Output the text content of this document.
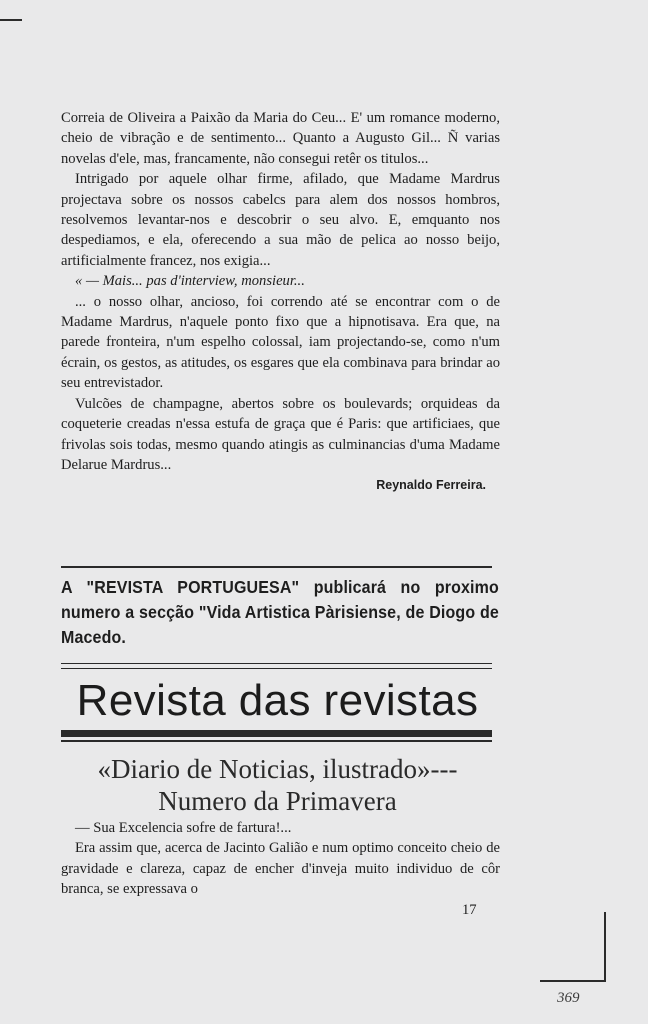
Correia de Oliveira a Paixão da Maria do Ceu... E' um romance moderno, cheio de vibração e de sentimento... Quanto a Augusto Gil... Ñ varias novelas d'ele, mas, francamente, não consegui retêr os titulos...

Intrigado por aquele olhar firme, afilado, que Madame Mardrus projectava sobre os nossos cabelcs para alem dos nossos hombros, resolvemos levantar-nos e descobrir o seu alvo. E, emquanto nos despediamos, e ela, oferecendo a sua mão de pelica ao nosso beijo, artificialmente francez, nos exigia...

« — Mais... pas d'interview, monsieur...

... o nosso olhar, ancioso, foi correndo até se encontrar com o de Madame Mardrus, n'aquele ponto fixo que a hipnotisava. Era que, na parede fronteira, n'um espelho colossal, iam projectando-se, como n'um écrain, os gestos, as atitudes, os esgares que ela combinava para brindar ao seu entrevistador.

Vulcões de champagne, abertos sobre os boulevards; orquideas da coqueterie creadas n'essa estufa de graça que é Paris: que artificiaes, que frivolas sois todas, mesmo quando atingis as culminancias d'uma Madame Delarue Mardrus...

Reynaldo Ferreira.
A "REVISTA PORTUGUESA" publicará no proximo numero a secção "Vida Artistica Pàrisiense, de Diogo de Macedo.
Revista das revistas
«Diario de Noticias, ilustrado»---
Numero da Primavera

— Sua Excelencia sofre de fartura!...

Era assim que, acerca de Jacinto Galião e num optimo conceito cheio de gravidade e clareza, capaz de encher d'inveja muito individuo de côr branca, se expressava o

17
369
